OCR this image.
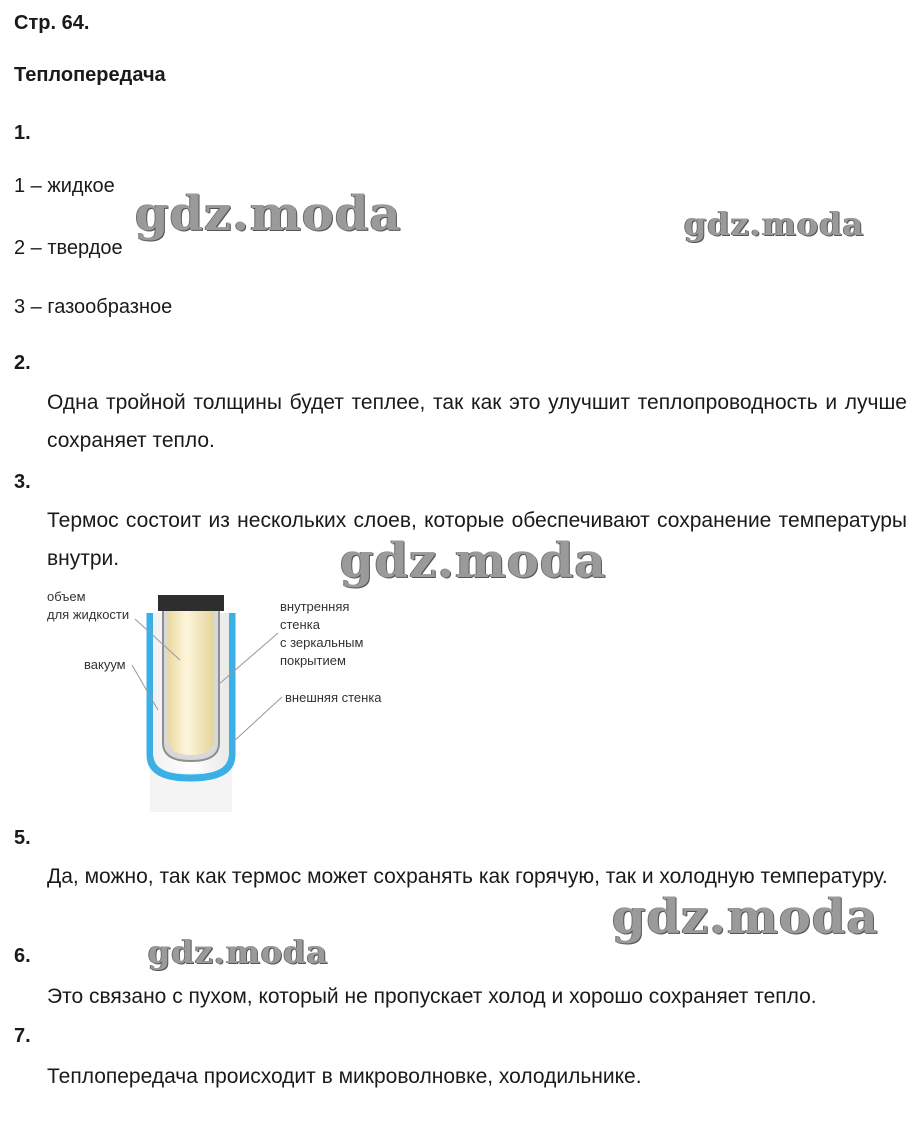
Стр. 64.
Теплопередача
1.
1 – жидкое
2 – твердое
3 – газообразное
2.
Одна тройной толщины будет теплее, так как это улучшит теплопроводность и лучше сохраняет тепло.
3.
Термос состоит из нескольких слоев, которые обеспечивают сохранение температуры внутри.
объем
для жидкости
вакуум
внутренняя
стенка
с зеркальным
покрытием
внешняя стенка
5.
Да, можно, так как термос может сохранять как горячую, так и холодную температуру.
6.
Это связано с пухом, который не пропускает холод и хорошо сохраняет тепло.
7.
Теплопередача происходит в микроволновке, холодильнике.
gdz.moda	gdz.moda
gdz.moda
gdz.moda
gdz.moda
